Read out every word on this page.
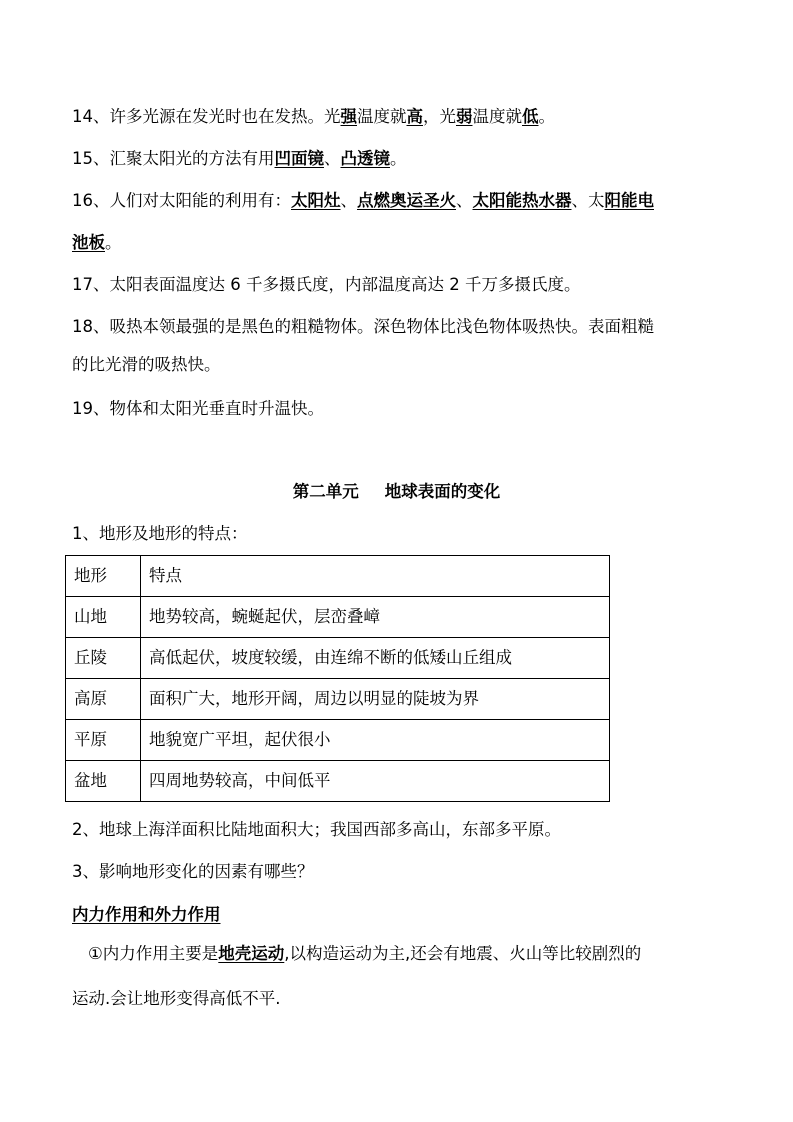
14、许多光源在发光时也在发热。光强温度就高，光弱温度就低。
15、汇聚太阳光的方法有用凹面镜、凸透镜。
16、人们对太阳能的利用有：太阳灶、点燃奥运圣火、太阳能热水器、太阳能电
池板。
17、太阳表面温度达 6 千多摄氏度，内部温度高达 2 千万多摄氏度。
18、吸热本领最强的是黑色的粗糙物体。深色物体比浅色物体吸热快。表面粗糙
的比光滑的吸热快。
19、物体和太阳光垂直时升温快。
第二单元 地球表面的变化
1、地形及地形的特点：
地形	特点
山地	地势较高，蜿蜒起伏，层峦叠嶂
丘陵	高低起伏，坡度较缓，由连绵不断的低矮山丘组成
高原	面积广大，地形开阔，周边以明显的陡坡为界
平原	地貌宽广平坦，起伏很小
盆地	四周地势较高，中间低平
2、地球上海洋面积比陆地面积大；我国西部多高山，东部多平原。
3、影响地形变化的因素有哪些？
内力作用和外力作用
①内力作用主要是地壳运动,以构造运动为主,还会有地震、火山等比较剧烈的
运动.会让地形变得高低不平.
